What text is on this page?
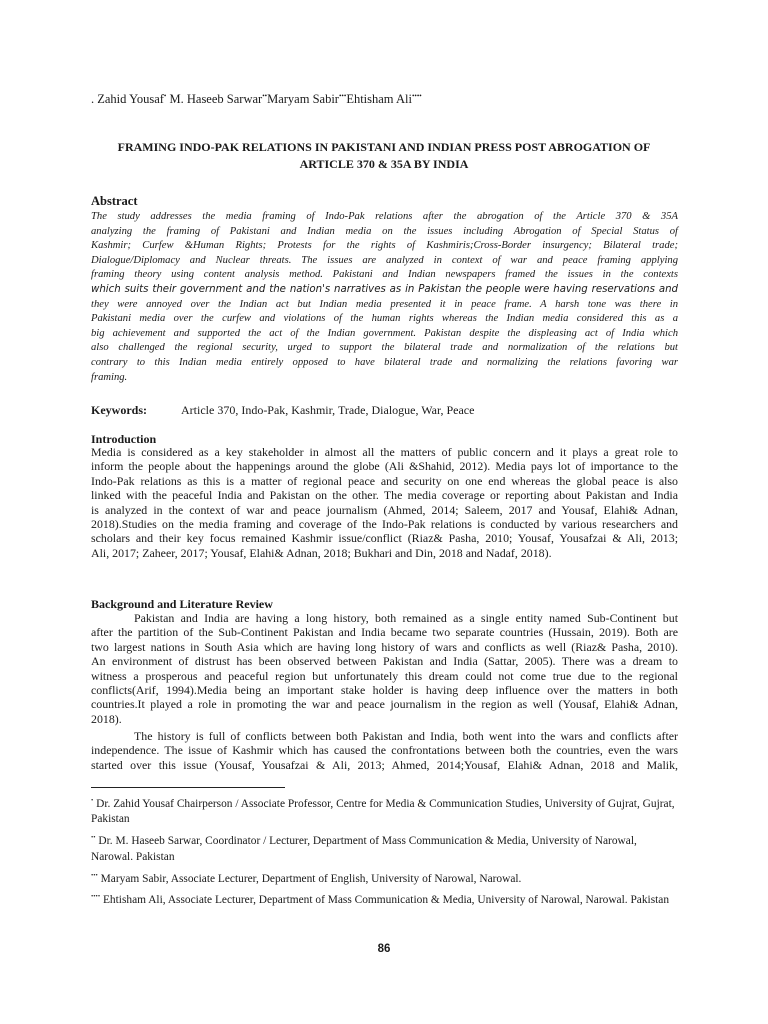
. Zahid Yousaf• M. Haseeb Sarwar••Maryam Sabir•••Ehtisham Ali••••
FRAMING INDO-PAK RELATIONS IN PAKISTANI AND INDIAN PRESS POST ABROGATION OF
ARTICLE 370 & 35A BY INDIA
Abstract
The study addresses the media framing of Indo-Pak relations after the abrogation of the Article 370 & 35A
analyzing the framing of Pakistani and Indian media on the issues including Abrogation of Special Status of
Kashmir; Curfew &Human Rights; Protests for the rights of Kashmiris;Cross-Border insurgency; Bilateral trade;
Dialogue/Diplomacy and Nuclear threats. The issues are analyzed in context of war and peace framing applying
framing theory using content analysis method. Pakistani and Indian newspapers framed the issues in the contexts
which suits their government and the nation's narratives as in Pakistan the people were having reservations and
they were annoyed over the Indian act but Indian media presented it in peace frame. A harsh tone was there in
Pakistani media over the curfew and violations of the human rights whereas the Indian media considered this as a
big achievement and supported the act of the Indian government. Pakistan despite the displeasing act of India which
also challenged the regional security, urged to support the bilateral trade and normalization of the relations but
contrary to this Indian media entirely opposed to have bilateral trade and normalizing the relations favoring war
framing.
Keywords:	Article 370, Indo-Pak, Kashmir, Trade, Dialogue, War, Peace
Introduction
Media is considered as a key stakeholder in almost all the matters of public concern and it plays a great role to
inform the people about the happenings around the globe (Ali &Shahid, 2012). Media pays lot of importance to the
Indo-Pak relations as this is a matter of regional peace and security on one end whereas the global peace is also
linked with the peaceful India and Pakistan on the other. The media coverage or reporting about Pakistan and India
is analyzed in the context of war and peace journalism (Ahmed, 2014; Saleem, 2017 and Yousaf, Elahi& Adnan,
2018).Studies on the media framing and coverage of the Indo-Pak relations is conducted by various researchers and
scholars and their key focus remained Kashmir issue/conflict (Riaz& Pasha, 2010; Yousaf, Yousafzai & Ali, 2013;
Ali, 2017; Zaheer, 2017; Yousaf, Elahi& Adnan, 2018; Bukhari and Din, 2018 and Nadaf, 2018).
Background and Literature Review
Pakistan and India are having a long history, both remained as a single entity named Sub-Continent but
after the partition of the Sub-Continent Pakistan and India became two separate countries (Hussain, 2019). Both are
two largest nations in South Asia which are having long history of wars and conflicts as well (Riaz& Pasha, 2010).
An environment of distrust has been observed between Pakistan and India (Sattar, 2005). There was a dream to
witness a prosperous and peaceful region but unfortunately this dream could not come true due to the regional
conflicts(Arif, 1994).Media being an important stake holder is having deep influence over the matters in both
countries.It played a role in promoting the war and peace journalism in the region as well (Yousaf, Elahi& Adnan,
2018).
The history is full of conflicts between both Pakistan and India, both went into the wars and conflicts after
independence. The issue of Kashmir which has caused the confrontations between both the countries, even the wars
started over this issue (Yousaf, Yousafzai & Ali, 2013; Ahmed, 2014;Yousaf, Elahi& Adnan, 2018 and Malik,
• Dr. Zahid Yousaf Chairperson / Associate Professor, Centre for Media & Communication Studies, University of Gujrat, Gujrat, Pakistan
•• Dr. M. Haseeb Sarwar, Coordinator / Lecturer, Department of Mass Communication & Media, University of Narowal, Narowal. Pakistan
••• Maryam Sabir, Associate Lecturer, Department of English, University of Narowal, Narowal.
•••• Ehtisham Ali, Associate Lecturer, Department of Mass Communication & Media, University of Narowal, Narowal. Pakistan
86
